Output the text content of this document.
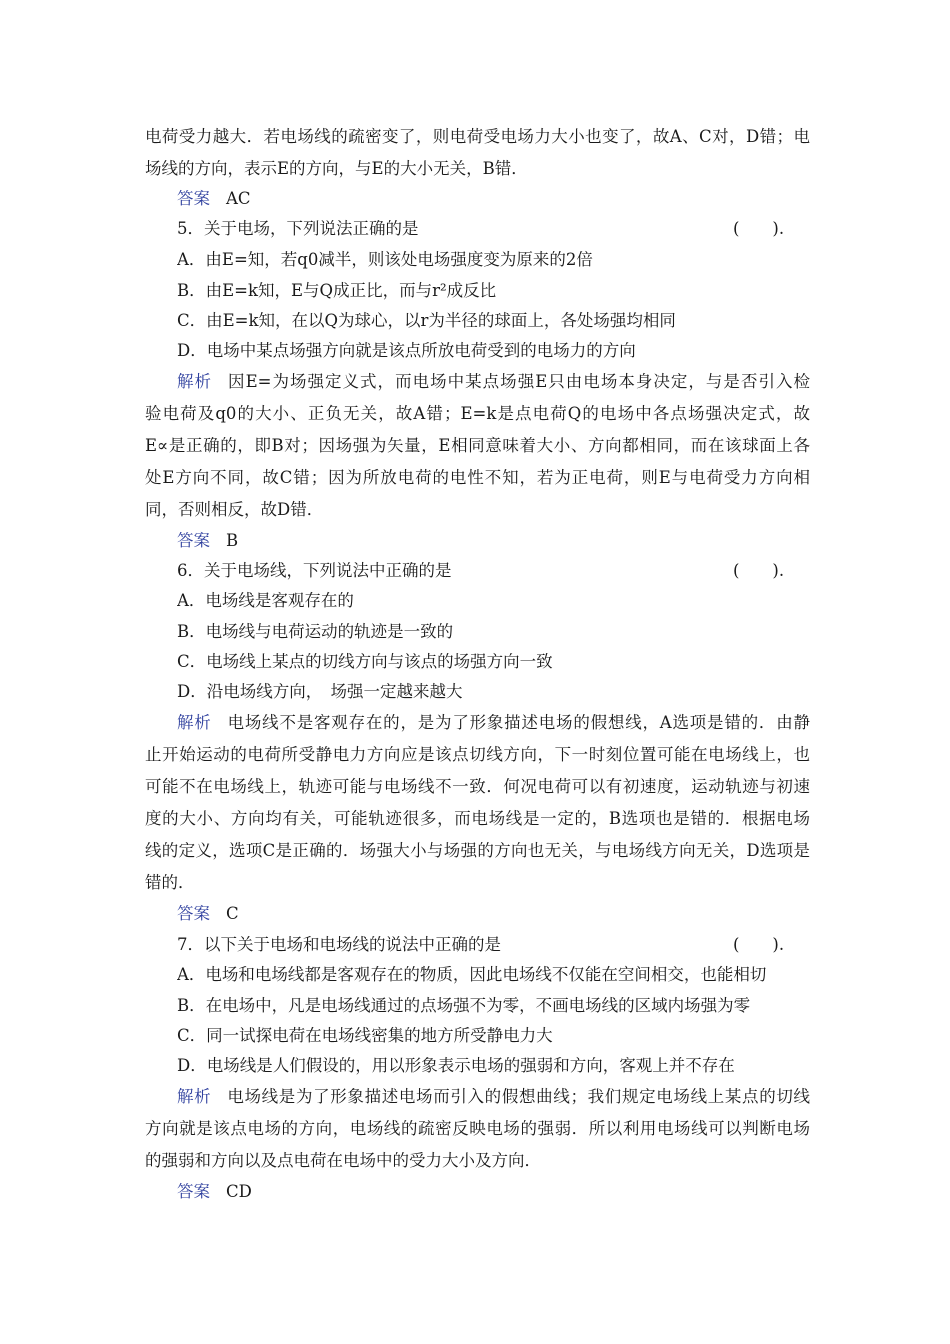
电荷受力越大．若电场线的疏密变了，则电荷受电场力大小也变了，故A、C对，D错；电
场线的方向，表示E的方向，与E的大小无关，B错．
答案 AC
5．关于电场，下列说法正确的是	(　　).
A．由E=知，若q0减半，则该处电场强度变为原来的2倍
B．由E=k知，E与Q成正比，而与r²成反比
C．由E=k知，在以Q为球心，以r为半径的球面上，各处场强均相同
D．电场中某点场强方向就是该点所放电荷受到的电场力的方向
解析 因E=为场强定义式，而电场中某点场强E只由电场本身决定，与是否引入检
验电荷及q0的大小、正负无关，故A错；E=k是点电荷Q的电场中各点场强决定式，故
E∝是正确的，即B对；因场强为矢量，E相同意味着大小、方向都相同，而在该球面上各
处E方向不同，故C错；因为所放电荷的电性不知，若为正电荷，则E与电荷受力方向相
同，否则相反，故D错．
答案 B
6．关于电场线，下列说法中正确的是	(　　).
A．电场线是客观存在的
B．电场线与电荷运动的轨迹是一致的
C．电场线上某点的切线方向与该点的场强方向一致
D．沿电场线方向，　场强一定越来越大
解析 电场线不是客观存在的，是为了形象描述电场的假想线，A选项是错的．由静
止开始运动的电荷所受静电力方向应是该点切线方向，下一时刻位置可能在电场线上，也
可能不在电场线上，轨迹可能与电场线不一致．何况电荷可以有初速度，运动轨迹与初速
度的大小、方向均有关，可能轨迹很多，而电场线是一定的，B选项也是错的．根据电场
线的定义，选项C是正确的．场强大小与场强的方向也无关，与电场线方向无关，D选项是
错的．
答案 C
7．以下关于电场和电场线的说法中正确的是	(　　).
A．电场和电场线都是客观存在的物质，因此电场线不仅能在空间相交，也能相切
B．在电场中，凡是电场线通过的点场强不为零，不画电场线的区域内场强为零
C．同一试探电荷在电场线密集的地方所受静电力大
D．电场线是人们假设的，用以形象表示电场的强弱和方向，客观上并不存在
解析 电场线是为了形象描述电场而引入的假想曲线；我们规定电场线上某点的切线
方向就是该点电场的方向，电场线的疏密反映电场的强弱．所以利用电场线可以判断电场
的强弱和方向以及点电荷在电场中的受力大小及方向．
答案 CD
